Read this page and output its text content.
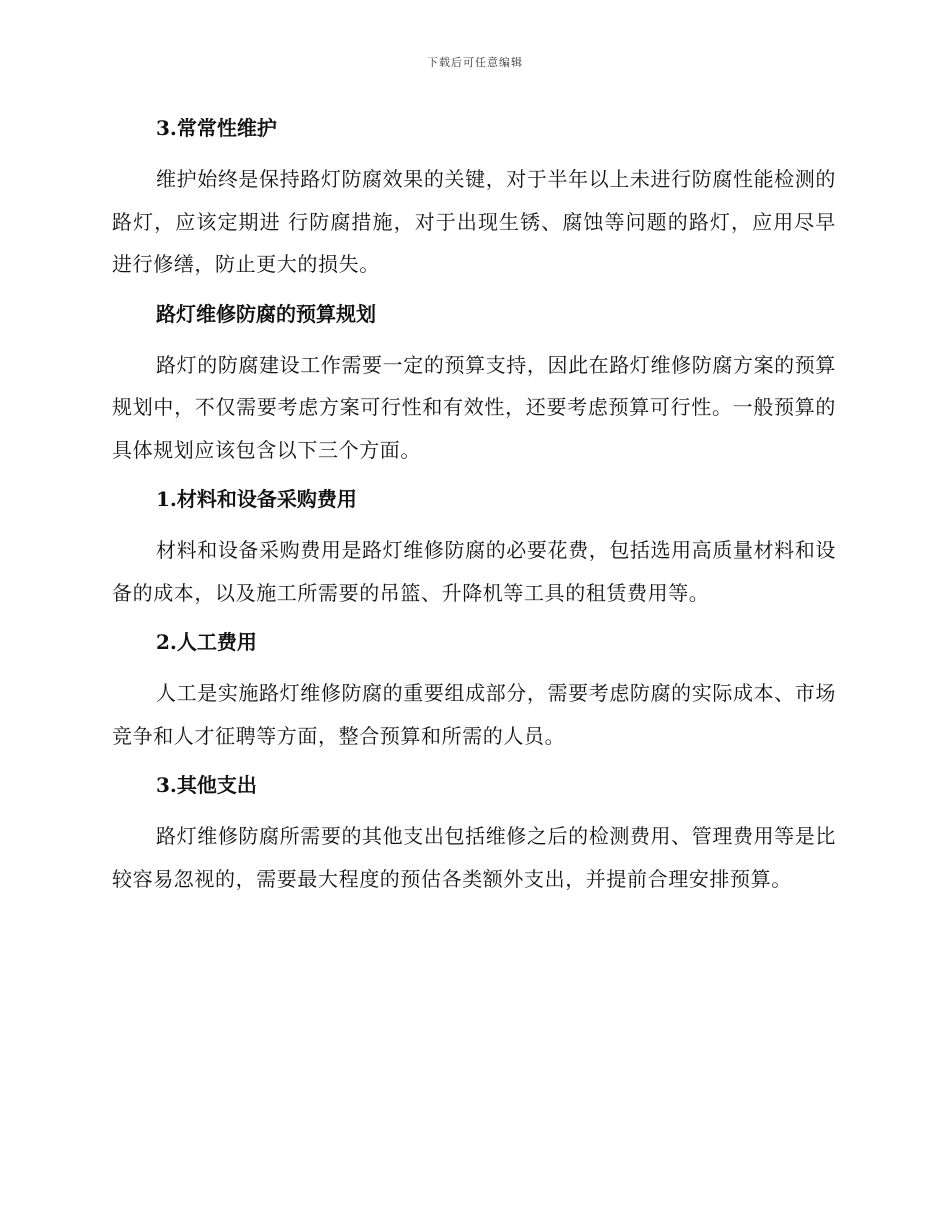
下载后可任意编辑
3.常常性维护

维护始终是保持路灯防腐效果的关键，对于半年以上未进行防腐性能检测的路灯，应该定期进 行防腐措施，对于出现生锈、腐蚀等问题的路灯，应用尽早进行修缮，防止更大的损失。

路灯维修防腐的预算规划

路灯的防腐建设工作需要一定的预算支持，因此在路灯维修防腐方案的预算规划中，不仅需要考虑方案可行性和有效性，还要考虑预算可行性。一般预算的具体规划应该包含以下三个方面。

1.材料和设备采购费用

材料和设备采购费用是路灯维修防腐的必要花费，包括选用高质量材料和设备的成本，以及施工所需要的吊篮、升降机等工具的租赁费用等。

2.人工费用

人工是实施路灯维修防腐的重要组成部分，需要考虑防腐的实际成本、市场竞争和人才征聘等方面，整合预算和所需的人员。

3.其他支出

路灯维修防腐所需要的其他支出包括维修之后的检测费用、管理费用等是比较容易忽视的，需要最大程度的预估各类额外支出，并提前合理安排预算。
